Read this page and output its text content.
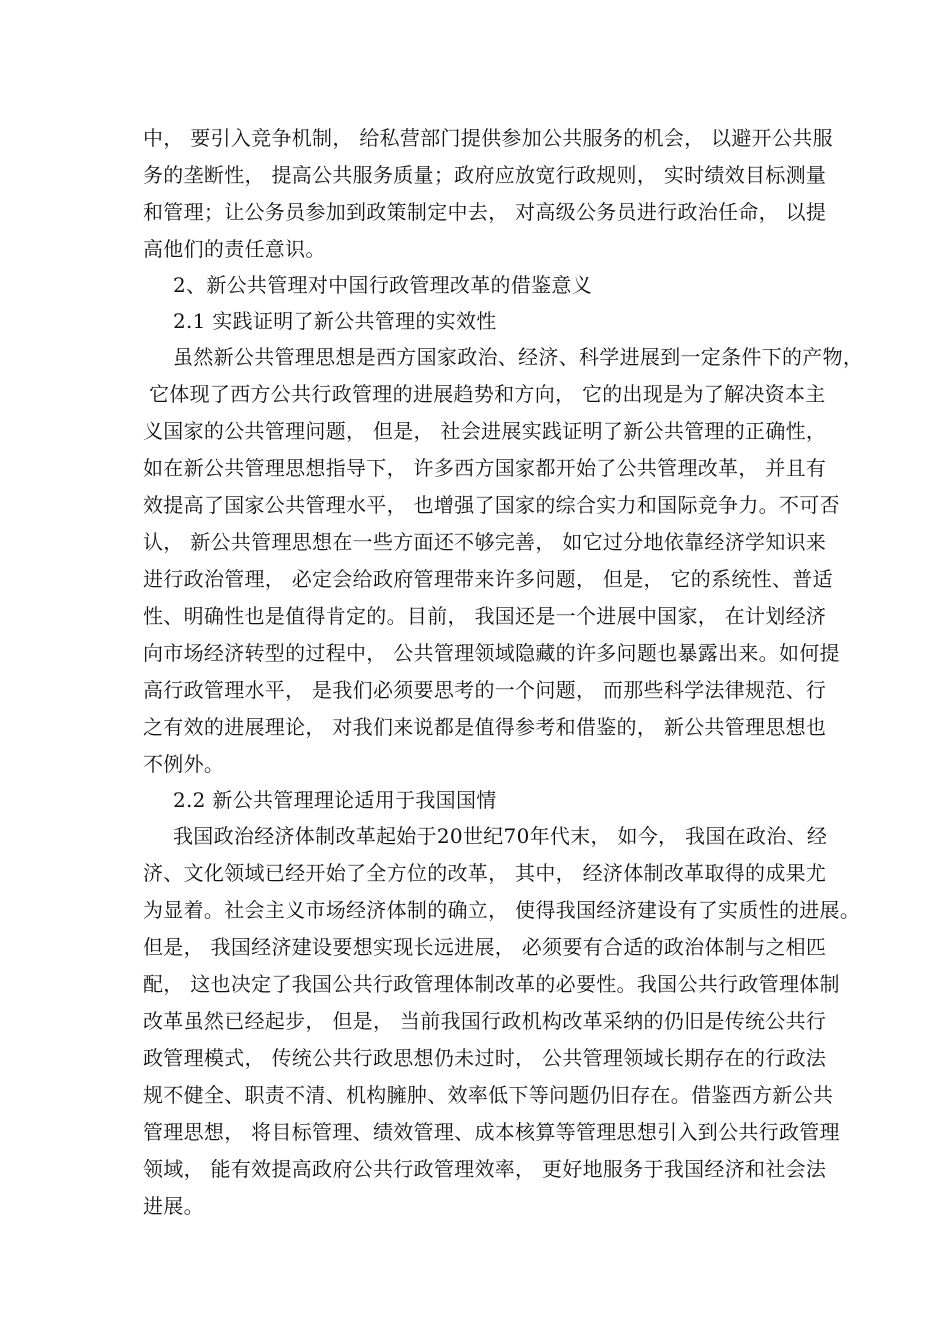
中， 要引入竞争机制， 给私营部门提供参加公共服务的机会， 以避开公共服
务的垄断性， 提高公共服务质量；政府应放宽行政规则， 实时绩效目标测量
和管理；让公务员参加到政策制定中去， 对高级公务员进行政治任命， 以提
高他们的责任意识。
2、新公共管理对中国行政管理改革的借鉴意义
2.1 实践证明了新公共管理的实效性
虽然新公共管理思想是西方国家政治、经济、科学进展到一定条件下的产物，
它体现了西方公共行政管理的进展趋势和方向， 它的出现是为了解决资本主
义国家的公共管理问题， 但是， 社会进展实践证明了新公共管理的正确性，
如在新公共管理思想指导下， 许多西方国家都开始了公共管理改革， 并且有
效提高了国家公共管理水平， 也增强了国家的综合实力和国际竞争力。不可否
认， 新公共管理思想在一些方面还不够完善， 如它过分地依靠经济学知识来
进行政治管理， 必定会给政府管理带来许多问题， 但是， 它的系统性、普适
性、明确性也是值得肯定的。目前， 我国还是一个进展中国家， 在计划经济
向市场经济转型的过程中， 公共管理领域隐藏的许多问题也暴露出来。如何提
高行政管理水平， 是我们必须要思考的一个问题， 而那些科学法律规范、行
之有效的进展理论， 对我们来说都是值得参考和借鉴的， 新公共管理思想也
不例外。
2.2 新公共管理理论适用于我国国情
我国政治经济体制改革起始于20世纪70年代末， 如今， 我国在政治、经
济、文化领域已经开始了全方位的改革， 其中， 经济体制改革取得的成果尤
为显着。社会主义市场经济体制的确立， 使得我国经济建设有了实质性的进展。
但是， 我国经济建设要想实现长远进展， 必须要有合适的政治体制与之相匹
配， 这也决定了我国公共行政管理体制改革的必要性。我国公共行政管理体制
改革虽然已经起步， 但是， 当前我国行政机构改革采纳的仍旧是传统公共行
政管理模式， 传统公共行政思想仍未过时， 公共管理领域长期存在的行政法
规不健全、职责不清、机构臃肿、效率低下等问题仍旧存在。借鉴西方新公共
管理思想， 将目标管理、绩效管理、成本核算等管理思想引入到公共行政管理
领域， 能有效提高政府公共行政管理效率， 更好地服务于我国经济和社会法
进展。
